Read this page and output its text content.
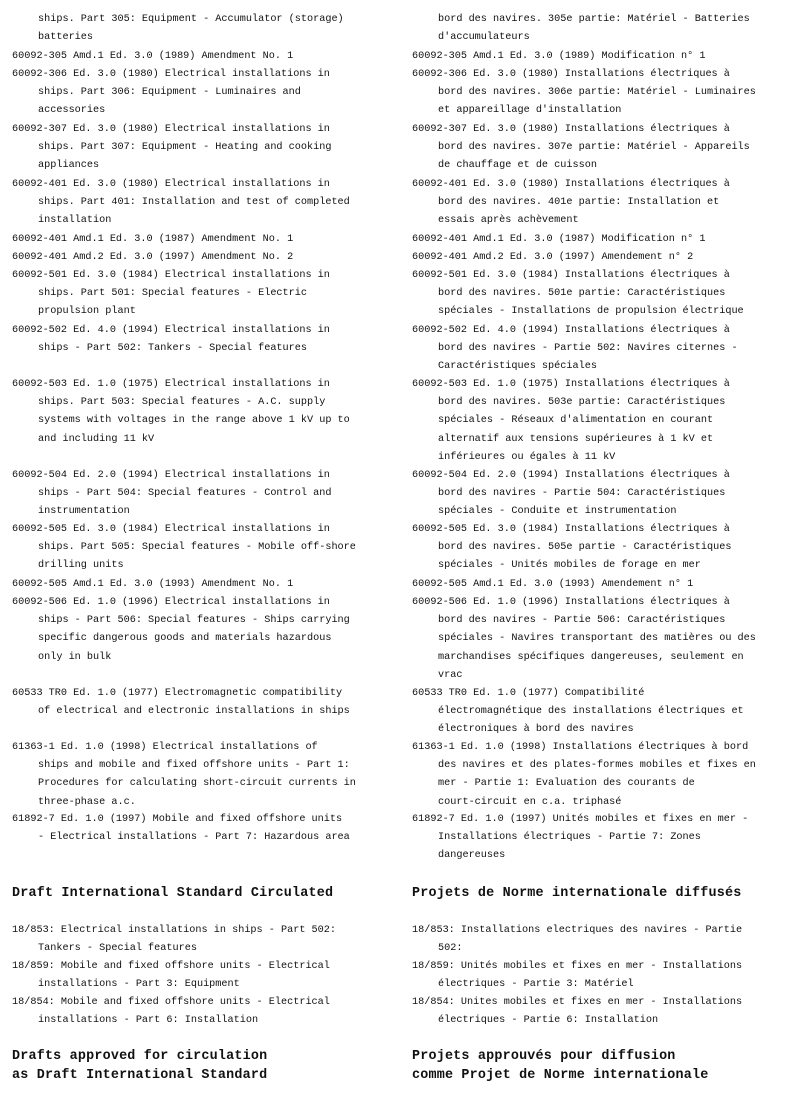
ships. Part 305: Equipment - Accumulator (storage)
batteries
60092-305 Amd.1 Ed. 3.0 (1989) Amendment No. 1
60092-306 Ed. 3.0 (1980) Electrical installations in
ships. Part 306: Equipment - Luminaires and
accessories
60092-307 Ed. 3.0 (1980) Electrical installations in
ships. Part 307: Equipment - Heating and cooking
appliances
60092-401 Ed. 3.0 (1980) Electrical installations in
ships. Part 401: Installation and test of completed
installation
60092-401 Amd.1 Ed. 3.0 (1987) Amendment No. 1
60092-401 Amd.2 Ed. 3.0 (1997) Amendment No. 2
60092-501 Ed. 3.0 (1984) Electrical installations in
ships. Part 501: Special features - Electric
propulsion plant
60092-502 Ed. 4.0 (1994) Electrical installations in
ships - Part 502: Tankers - Special features
60092-503 Ed. 1.0 (1975) Electrical installations in
ships. Part 503: Special features - A.C. supply
systems with voltages in the range above 1 kV up to
and including 11 kV
60092-504 Ed. 2.0 (1994) Electrical installations in
ships - Part 504: Special features - Control and
instrumentation
60092-505 Ed. 3.0 (1984) Electrical installations in
ships. Part 505: Special features - Mobile off-shore
drilling units
60092-505 Amd.1 Ed. 3.0 (1993) Amendment No. 1
60092-506 Ed. 1.0 (1996) Electrical installations in
ships - Part 506: Special features - Ships carrying
specific dangerous goods and materials hazardous
only in bulk
60533 TR0 Ed. 1.0 (1977) Electromagnetic compatibility
of electrical and electronic installations in ships
61363-1 Ed. 1.0 (1998) Electrical installations of
ships and mobile and fixed offshore units - Part 1:
Procedures for calculating short-circuit currents in
three-phase a.c.
61892-7 Ed. 1.0 (1997) Mobile and fixed offshore units
- Electrical installations - Part 7: Hazardous area
Draft International Standard Circulated
18/853: Electrical installations in ships - Part 502:
Tankers - Special features
18/859: Mobile and fixed offshore units - Electrical
installations - Part 3: Equipment
18/854: Mobile and fixed offshore units - Electrical
installations - Part 6: Installation
Drafts approved for circulation
as Draft International Standard
bord des navires. 305e partie: Matériel - Batteries
d'accumulateurs
60092-305 Amd.1 Ed. 3.0 (1989) Modification n° 1
60092-306 Ed. 3.0 (1980) Installations électriques à
bord des navires. 306e partie: Matériel - Luminaires
et appareillage d'installation
60092-307 Ed. 3.0 (1980) Installations électriques à
bord des navires. 307e partie: Matériel - Appareils
de chauffage et de cuisson
60092-401 Ed. 3.0 (1980) Installations électriques à
bord des navires. 401e partie: Installation et
essais après achèvement
60092-401 Amd.1 Ed. 3.0 (1987) Modification n° 1
60092-401 Amd.2 Ed. 3.0 (1997) Amendement n° 2
60092-501 Ed. 3.0 (1984) Installations électriques à
bord des navires. 501e partie: Caractéristiques
spéciales - Installations de propulsion électrique
60092-502 Ed. 4.0 (1994) Installations électriques à
bord des navires - Partie 502: Navires citernes -
Caractéristiques spéciales
60092-503 Ed. 1.0 (1975) Installations électriques à
bord des navires. 503e partie: Caractéristiques
spéciales - Réseaux d'alimentation en courant
alternatif aux tensions supérieures à 1 kV et
inférieures ou égales à 11 kV
60092-504 Ed. 2.0 (1994) Installations électriques à
bord des navires - Partie 504: Caractéristiques
spéciales - Conduite et instrumentation
60092-505 Ed. 3.0 (1984) Installations électriques à
bord des navires. 505e partie - Caractéristiques
spéciales - Unités mobiles de forage en mer
60092-505 Amd.1 Ed. 3.0 (1993) Amendement n° 1
60092-506 Ed. 1.0 (1996) Installations électriques à
bord des navires - Partie 506: Caractéristiques
spéciales - Navires transportant des matières ou des
marchandises spécifiques dangereuses, seulement en
vrac
60533 TR0 Ed. 1.0 (1977) Compatibilité
électromagnétique des installations électriques et
électroniques à bord des navires
61363-1 Ed. 1.0 (1998) Installations électriques à bord
des navires et des plates-formes mobiles et fixes en
mer - Partie 1: Evaluation des courants de
court-circuit en c.a. triphasé
61892-7 Ed. 1.0 (1997) Unités mobiles et fixes en mer -
Installations électriques - Partie 7: Zones
dangereuses
Projets de Norme internationale diffusés
18/853: Installations electriques des navires - Partie
502:
18/859: Unités mobiles et fixes en mer - Installations
électriques - Partie 3: Matériel
18/854: Unites mobiles et fixes en mer - Installations
électriques - Partie 6: Installation
Projets approuvés pour diffusion
comme Projet de Norme internationale
